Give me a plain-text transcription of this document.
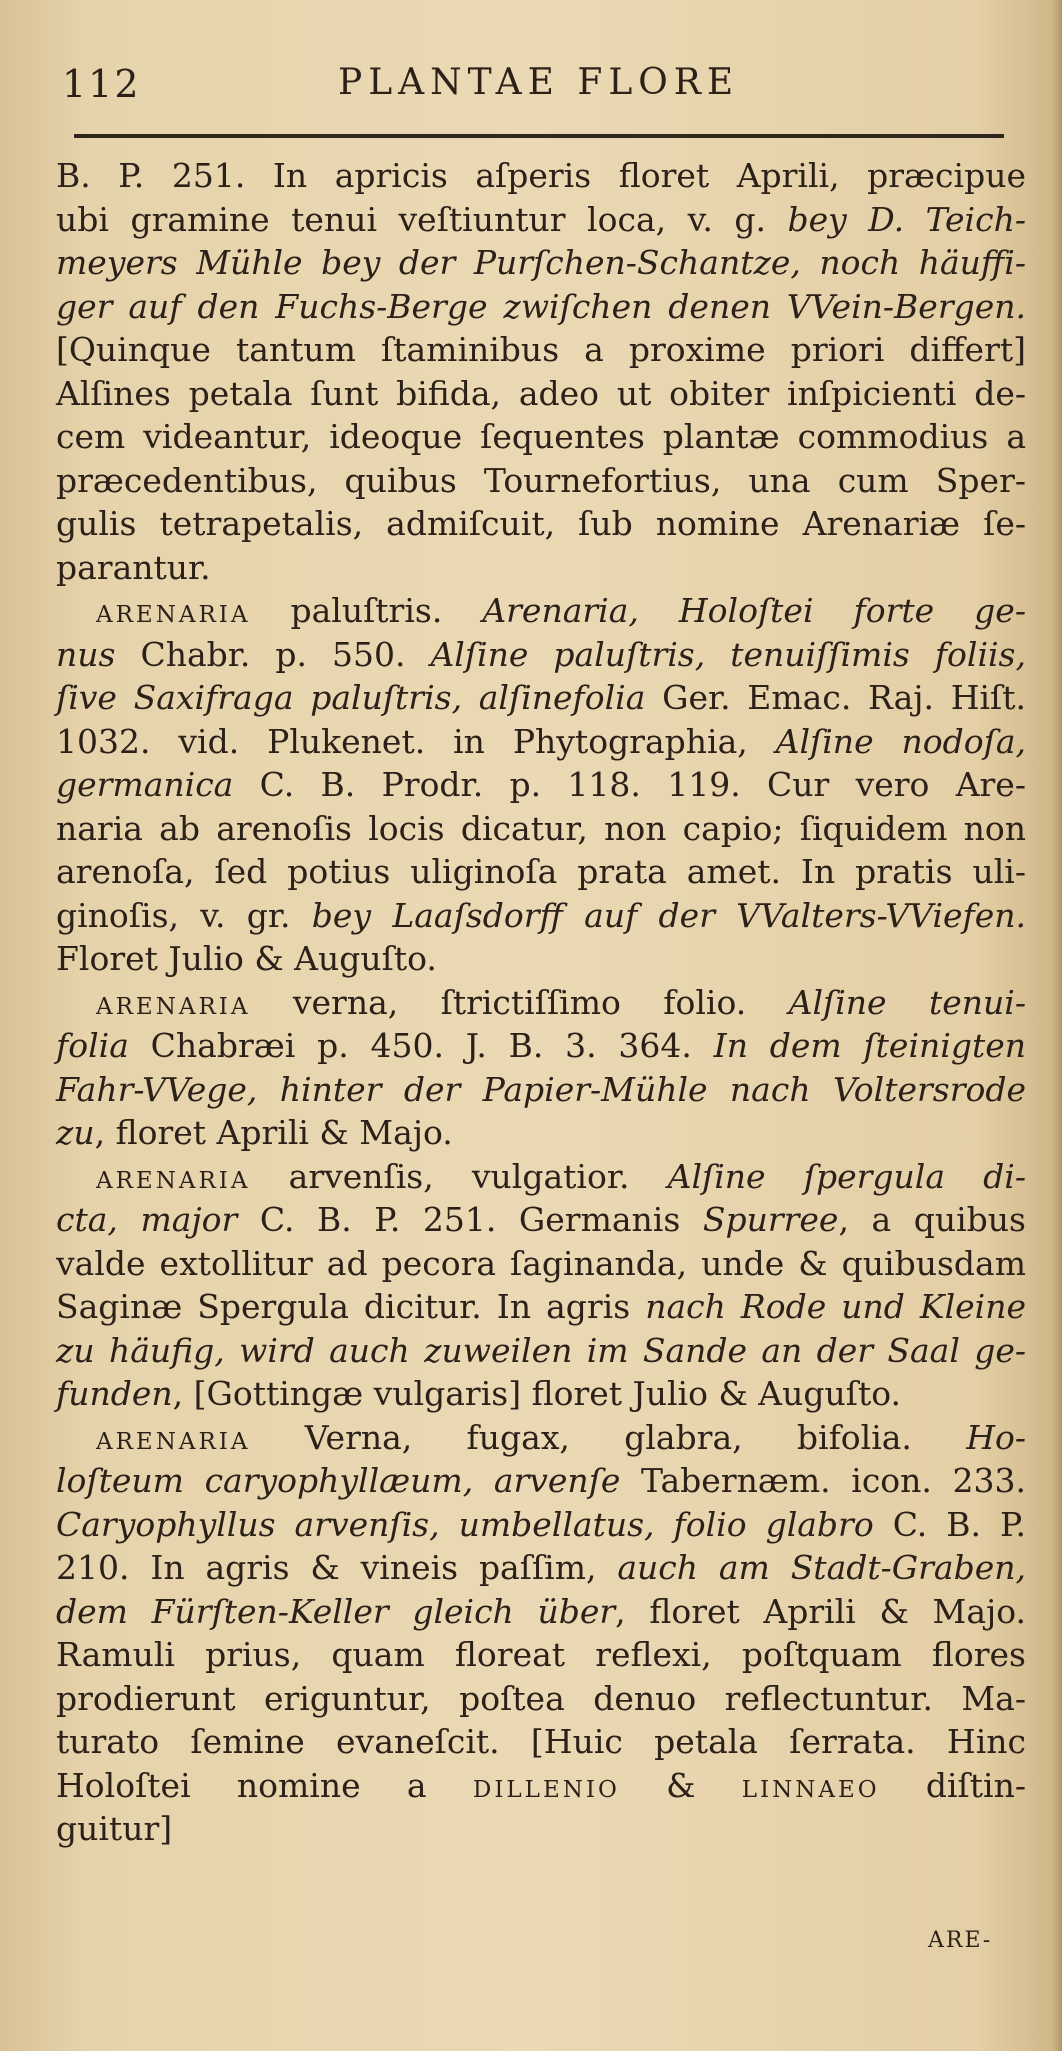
112	PLANTAE FLORE
B. P. 251. In apricis aſperis floret Aprili, præcipue
ubi gramine tenui veſtiuntur loca, v. g. bey D. Teich-
meyers Mühle bey der Purſchen-Schantze, noch häuffi-
ger auf den Fuchs-Berge zwiſchen denen VVein-Bergen.
[Quinque tantum ſtaminibus a proxime priori differt]
Alſines petala ſunt bifida, adeo ut obiter inſpicienti de-
cem videantur, ideoque ſequentes plantæ commodius a
præcedentibus, quibus Tournefortius, una cum Sper-
gulis tetrapetalis, admiſcuit, ſub nomine Arenariæ ſe-
parantur.
ARENARIA paluſtris. Arenaria, Holoſtei forte ge-
nus Chabr. p. 550. Alſine paluſtris, tenuiſſimis foliis,
ſive Saxifraga paluſtris, alſinefolia Ger. Emac. Raj. Hiſt.
1032. vid. Plukenet. in Phytographia, Alſine nodoſa,
germanica C. B. Prodr. p. 118. 119. Cur vero Are-
naria ab arenoſis locis dicatur, non capio; ſiquidem non
arenoſa, ſed potius uliginoſa prata amet. In pratis uli-
ginoſis, v. gr. bey Laaſsdorff auf der VValters-VViefen.
Floret Julio & Auguſto.
ARENARIA verna, ſtrictiſſimo folio. Alſine tenui-
folia Chabræi p. 450. J. B. 3. 364. In dem ſteinigten
Fahr-VVege, hinter der Papier-Mühle nach Voltersrode
zu, floret Aprili & Majo.
ARENARIA arvenſis, vulgatior. Alſine ſpergula di-
cta, major C. B. P. 251. Germanis Spurree, a quibus
valde extollitur ad pecora ſaginanda, unde & quibusdam
Saginæ Spergula dicitur. In agris nach Rode und Kleine
zu häufig, wird auch zuweilen im Sande an der Saal ge-
funden, [Gottingæ vulgaris] floret Julio & Auguſto.
ARENARIA Verna, fugax, glabra, bifolia. Ho-
loſteum caryophyllæum, arvenſe Tabernæm. icon. 233.
Caryophyllus arvenſis, umbellatus, folio glabro C. B. P.
210. In agris & vineis paſſim, auch am Stadt-Graben,
dem Fürſten-Keller gleich über, floret Aprili & Majo.
Ramuli prius, quam floreat reflexi, poſtquam flores
prodierunt eriguntur, poſtea denuo reflectuntur. Ma-
turato ſemine evaneſcit. [Huic petala ſerrata. Hinc
Holoſtei nomine a DILLENIO & LINNAEO diſtin-
guitur]
ARE-
